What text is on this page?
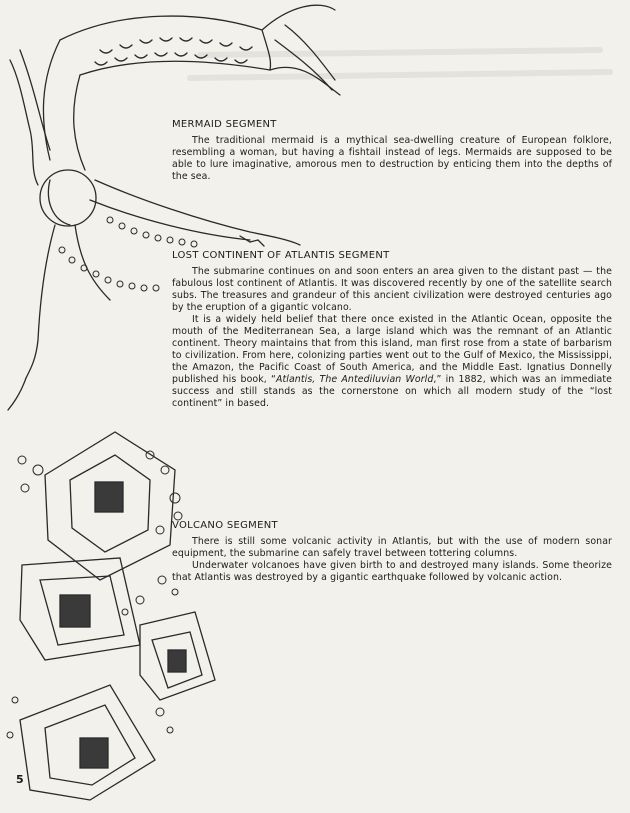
MERMAID SEGMENT

The traditional mermaid is a mythical sea-dwelling creature of European folklore, resembling a woman, but having a fishtail instead of legs. Mermaids are supposed to be able to lure imaginative, amorous men to destruction by enticing them into the depths of the sea.

LOST CONTINENT OF ATLANTIS SEGMENT

The submarine continues on and soon enters an area given to the distant past — the fabulous lost continent of Atlantis. It was discovered recently by one of the satellite search subs. The treasures and grandeur of this ancient civilization were destroyed centuries ago by the eruption of a gigantic volcano.

It is a widely held belief that there once existed in the Atlantic Ocean, opposite the mouth of the Mediterranean Sea, a large island which was the remnant of an Atlantic continent. Theory maintains that from this island, man first rose from a state of barbarism to civilization. From here, colonizing parties went out to the Gulf of Mexico, the Mississippi, the Amazon, the Pacific Coast of South America, and the Middle East. Ignatius Donnelly published his book, “Atlantis, The Antediluvian World,” in 1882, which was an immediate success and still stands as the cornerstone on which all modern study of the “lost continent” in based.

VOLCANO SEGMENT

There is still some volcanic activity in Atlantis, but with the use of modern sonar equipment, the submarine can safely travel between tottering columns.

Underwater volcanoes have given birth to and destroyed many islands. Some theorize that Atlantis was destroyed by a gigantic earthquake followed by volcanic action.

5
